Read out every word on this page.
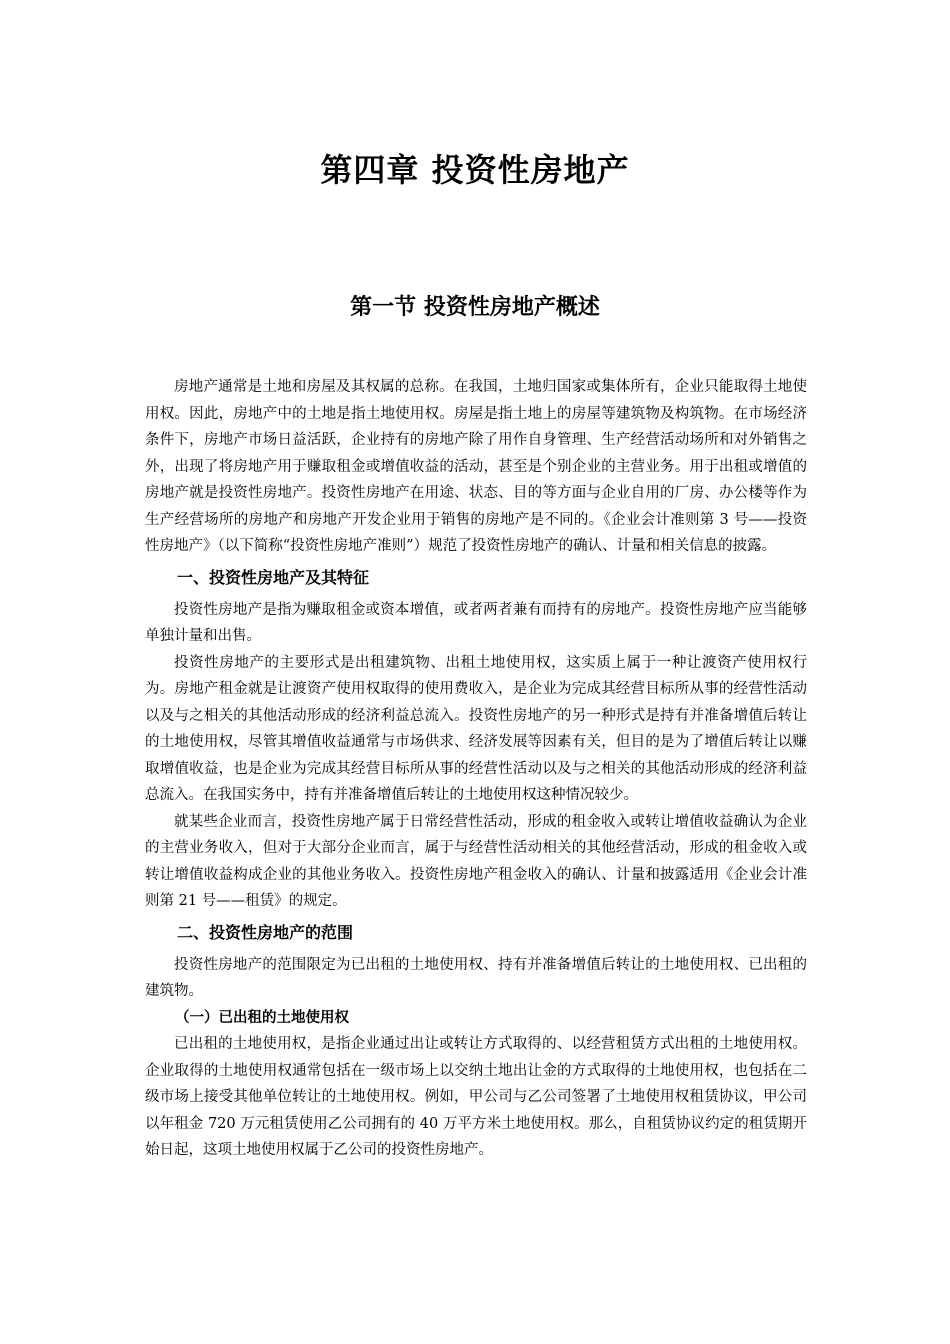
第四章 投资性房地产
第一节 投资性房地产概述

房地产通常是土地和房屋及其权属的总称。在我国，土地归国家或集体所有，企业只能取得土地使用权。因此，房地产中的土地是指土地使用权。房屋是指土地上的房屋等建筑物及构筑物。在市场经济条件下，房地产市场日益活跃，企业持有的房地产除了用作自身管理、生产经营活动场所和对外销售之外，出现了将房地产用于赚取租金或增值收益的活动，甚至是个别企业的主营业务。用于出租或增值的房地产就是投资性房地产。投资性房地产在用途、状态、目的等方面与企业自用的厂房、办公楼等作为生产经营场所的房地产和房地产开发企业用于销售的房地产是不同的。《企业会计准则第 3 号——投资性房地产》（以下简称“投资性房地产准则”）规范了投资性房地产的确认、计量和相关信息的披露。

一、投资性房地产及其特征

投资性房地产是指为赚取租金或资本增值，或者两者兼有而持有的房地产。投资性房地产应当能够单独计量和出售。

投资性房地产的主要形式是出租建筑物、出租土地使用权，这实质上属于一种让渡资产使用权行为。房地产租金就是让渡资产使用权取得的使用费收入，是企业为完成其经营目标所从事的经营性活动以及与之相关的其他活动形成的经济利益总流入。投资性房地产的另一种形式是持有并准备增值后转让的土地使用权，尽管其增值收益通常与市场供求、经济发展等因素有关，但目的是为了增值后转让以赚取增值收益，也是企业为完成其经营目标所从事的经营性活动以及与之相关的其他活动形成的经济利益总流入。在我国实务中，持有并准备增值后转让的土地使用权这种情况较少。

就某些企业而言，投资性房地产属于日常经营性活动，形成的租金收入或转让增值收益确认为企业的主营业务收入，但对于大部分企业而言，属于与经营性活动相关的其他经营活动，形成的租金收入或转让增值收益构成企业的其他业务收入。投资性房地产租金收入的确认、计量和披露适用《企业会计准则第 21 号——租赁》的规定。

二、投资性房地产的范围

投资性房地产的范围限定为已出租的土地使用权、持有并准备增值后转让的土地使用权、已出租的建筑物。

（一）已出租的土地使用权

已出租的土地使用权，是指企业通过出让或转让方式取得的、以经营租赁方式出租的土地使用权。企业取得的土地使用权通常包括在一级市场上以交纳土地出让金的方式取得的土地使用权，也包括在二级市场上接受其他单位转让的土地使用权。例如，甲公司与乙公司签署了土地使用权租赁协议，甲公司以年租金 720 万元租赁使用乙公司拥有的 40 万平方米土地使用权。那么，自租赁协议约定的租赁期开始日起，这项土地使用权属于乙公司的投资性房地产。
